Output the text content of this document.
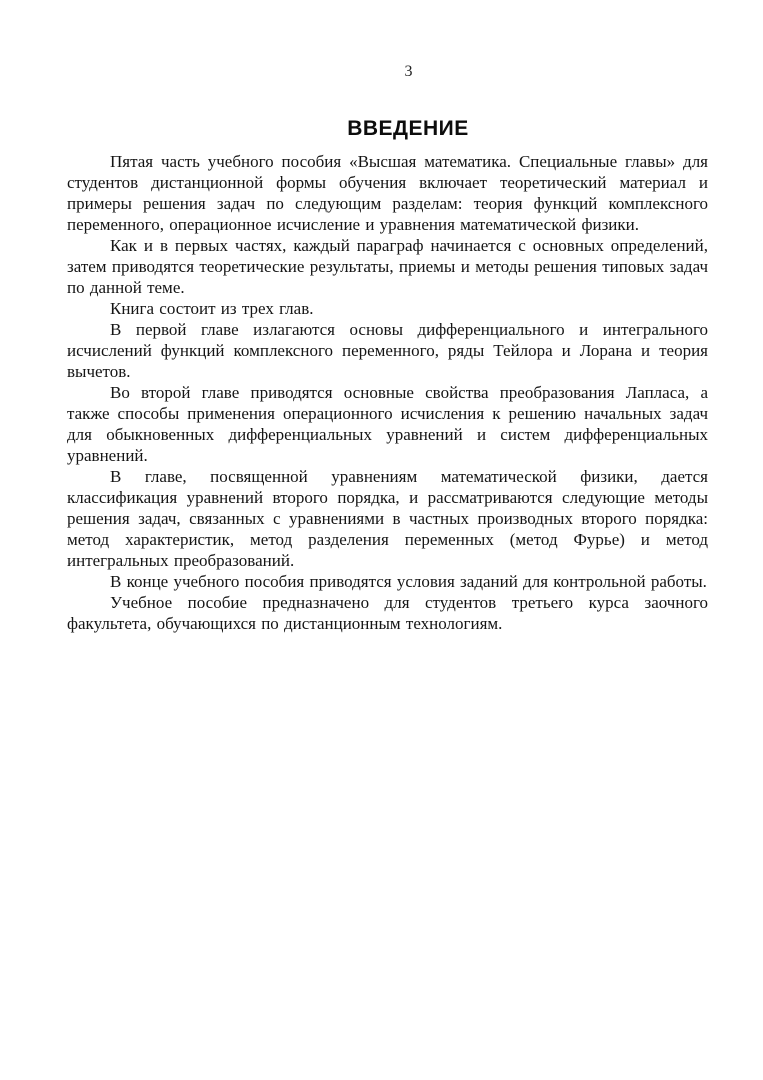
3
ВВЕДЕНИЕ

Пятая часть учебного пособия «Высшая математика. Специальные главы» для студентов дистанционной формы обучения включает теоретический материал и примеры решения задач по следующим разделам: теория функций комплексного переменного, операционное исчисление и уравнения математической физики.

Как и в первых частях, каждый параграф начинается с основных определений, затем приводятся теоретические результаты, приемы и методы решения типовых задач по данной теме.

Книга состоит из трех глав.

В первой главе излагаются основы дифференциального и интегрального исчислений функций комплексного переменного, ряды Тейлора и Лорана и теория вычетов.

Во второй главе приводятся основные свойства преобразования Лапласа, а также способы применения операционного исчисления к решению начальных задач для обыкновенных дифференциальных уравнений и систем дифференциальных уравнений.

В главе, посвященной уравнениям математической физики, дается классификация уравнений второго порядка, и рассматриваются следующие методы решения задач, связанных с уравнениями в частных производных второго порядка: метод характеристик, метод разделения переменных (метод Фурье) и метод интегральных преобразований.

В конце учебного пособия приводятся условия заданий для контрольной работы.

Учебное пособие предназначено для студентов третьего курса заочного факультета, обучающихся по дистанционным технологиям.
